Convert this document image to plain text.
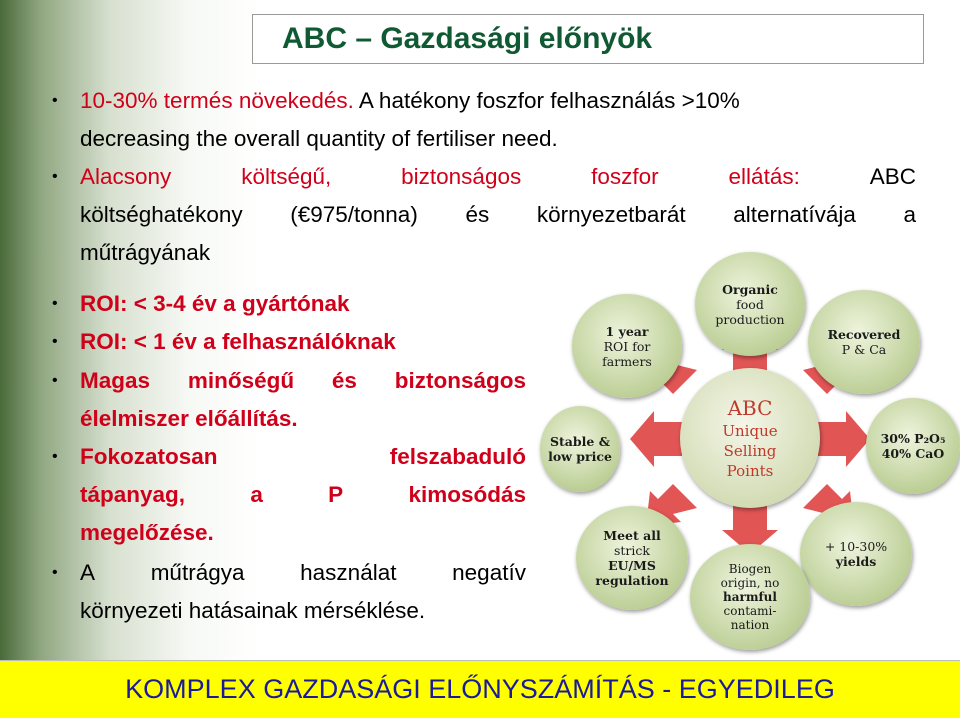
ABC – Gazdasági előnyök
• 10-30% termés növekedés. A hatékony foszfor felhasználás >10%
decreasing the overall quantity of fertiliser need.
• Alacsony	költségű,	biztonságos	foszfor	ellátás:	ABC
költséghatékony (€975/tonna) és környezetbarát alternatívája a
műtrágyának
• ROI: < 3-4 év a gyártónak
• ROI: < 1 év a felhasználóknak
• Magas minőségű és biztonságos
élelmiszer előállítás.
• Fokozatosan	felszabaduló
tápanyag,	a	P	kimosódás
megelőzése.
• A műtrágya használat negatív
környezeti hatásainak mérséklése.
ABC
Unique
Selling
Points
Organic
food
production
Recovered
P & Ca
30% P₂O₅
40% CaO
+ 10-30%
yields
Biogen
origin, no
harmful
contami-
nation
Meet all
strick
EU/MS
regulation
Stable &
low price
1 year
ROI for
farmers
KOMPLEX GAZDASÁGI ELŐNYSZÁMÍTÁS - EGYEDILEG
